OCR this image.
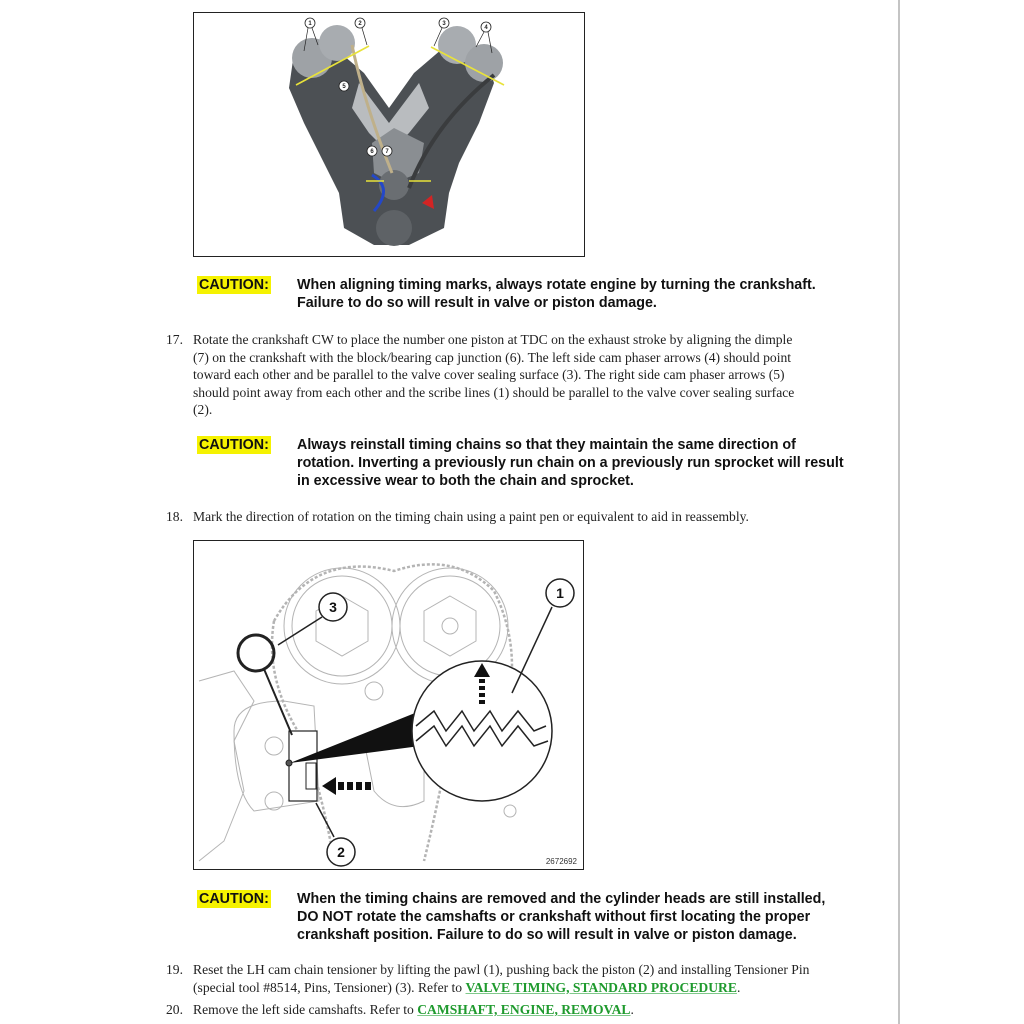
1	2	3
4
5
6 7
CAUTION: When aligning timing marks, always rotate engine by turning the crankshaft.
Failure to do so will result in valve or piston damage.
17. Rotate the crankshaft CW to place the number one piston at TDC on the exhaust stroke by aligning the dimple
(7) on the crankshaft with the block/bearing cap junction (6). The left side cam phaser arrows (4) should point
toward each other and be parallel to the valve cover sealing surface (3). The right side cam phaser arrows (5)
should point away from each other and the scribe lines (1) should be parallel to the valve cover sealing surface
(2).
CAUTION: Always reinstall timing chains so that they maintain the same direction of
rotation. Inverting a previously run chain on a previously run sprocket will result
in excessive wear to both the chain and sprocket.
18. Mark the direction of rotation on the timing chain using a paint pen or equivalent to aid in reassembly.
3
1
2
2672692
CAUTION: When the timing chains are removed and the cylinder heads are still installed,
DO NOT rotate the camshafts or crankshaft without first locating the proper
crankshaft position. Failure to do so will result in valve or piston damage.
19. Reset the LH cam chain tensioner by lifting the pawl (1), pushing back the piston (2) and installing Tensioner Pin
(special tool #8514, Pins, Tensioner) (3). Refer to VALVE TIMING, STANDARD PROCEDURE.
20. Remove the left side camshafts. Refer to CAMSHAFT, ENGINE, REMOVAL.
